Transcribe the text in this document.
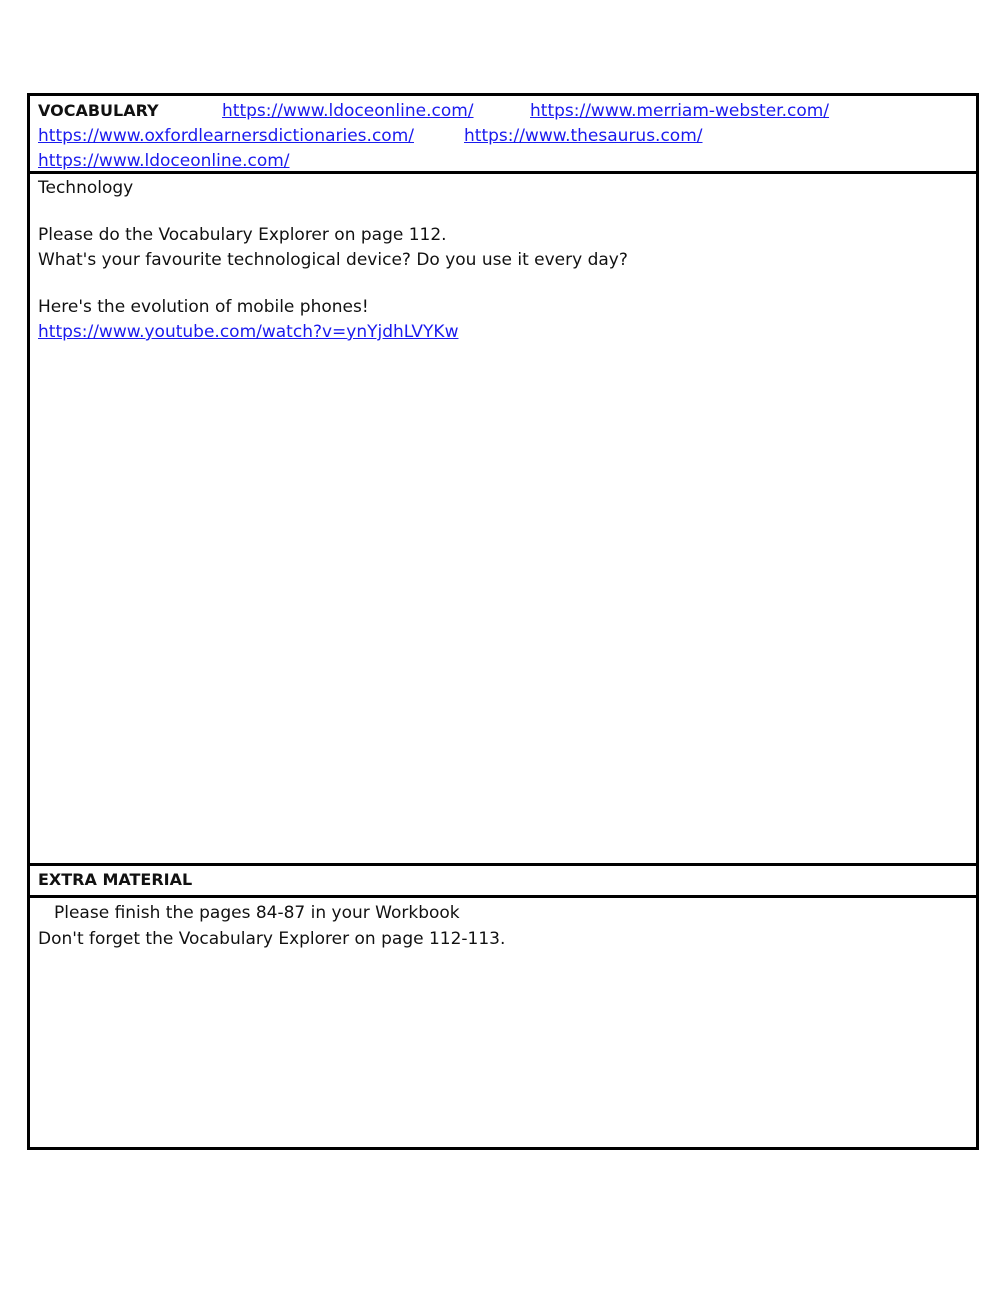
VOCABULARY	https://www.ldoceonline.com/	https://www.merriam-webster.com/
https://www.oxfordlearnersdictionaries.com/	https://www.thesaurus.com/
https://www.ldoceonline.com/
Technology
Please do the Vocabulary Explorer on page 112.
What's your favourite technological device? Do you use it every day?
Here's the evolution of mobile phones!
https://www.youtube.com/watch?v=ynYjdhLVYKw
EXTRA MATERIAL
Please finish the pages 84-87 in your Workbook
Don't forget the Vocabulary Explorer on page 112-113.
